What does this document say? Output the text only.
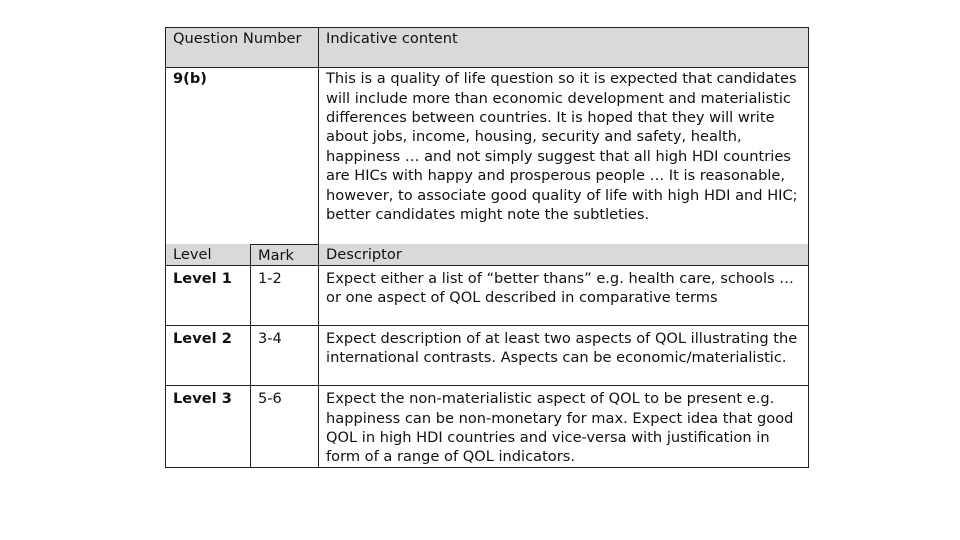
Question Number		Indicative content
9(b)		This is a quality of life question so it is expected that candidates will include more than economic development and materialistic differences between countries. It is hoped that they will write about jobs, income, housing, security and safety, health, happiness … and not simply suggest that all high HDI countries are HICs with happy and prosperous people … It is reasonable, however, to associate good quality of life with high HDI and HIC; better candidates might note the subtleties.
Level	Mark	Descriptor
Level 1	1-2	Expect either a list of “better thans” e.g. health care, schools … or one aspect of QOL described in comparative terms
Level 2	3-4	Expect description of at least two aspects of QOL illustrating the international contrasts. Aspects can be economic/materialistic.
Level 3	5-6	Expect the non-materialistic aspect of QOL to be present e.g. happiness can be non-monetary for max. Expect idea that good QOL in high HDI countries and vice-versa with justification in form of a range of QOL indicators.
